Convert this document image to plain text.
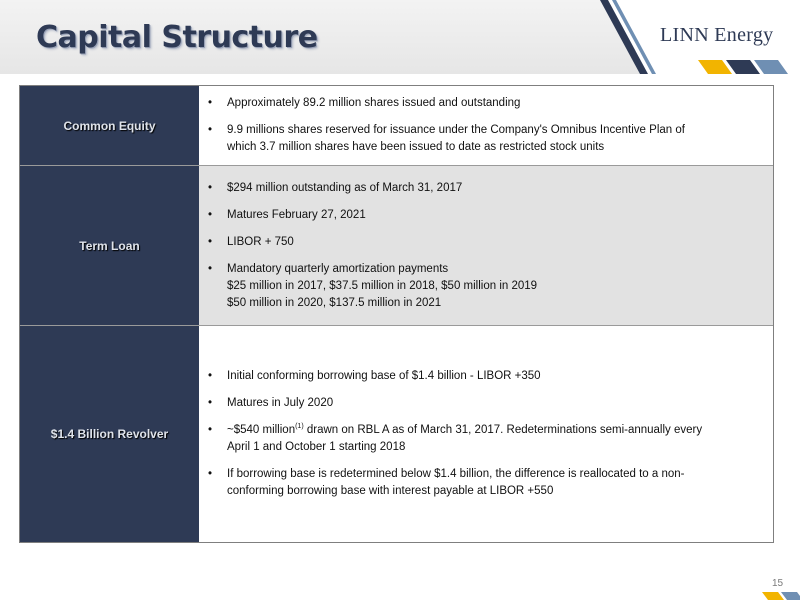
Capital Structure	LINN Energy
Common Equity
• Approximately 89.2 million shares issued and outstanding
• 9.9 millions shares reserved for issuance under the Company's Omnibus Incentive Plan of
which 3.7 million shares have been issued to date as restricted stock units
Term Loan
• $294 million outstanding as of March 31, 2017
• Matures February 27, 2021
• LIBOR + 750
• Mandatory quarterly amortization payments
$25 million in 2017, $37.5 million in 2018, $50 million in 2019
$50 million in 2020, $137.5 million in 2021
$1.4 Billion Revolver
• Initial conforming borrowing base of $1.4 billion - LIBOR +350
• Matures in July 2020
• ~$540 million$^{(1)}$ drawn on RBL A as of March 31, 2017. Redeterminations semi-annually every
April 1 and October 1 starting 2018
• If borrowing base is redetermined below $1.4 billion, the difference is reallocated to a non-
conforming borrowing base with interest payable at LIBOR +550
15
